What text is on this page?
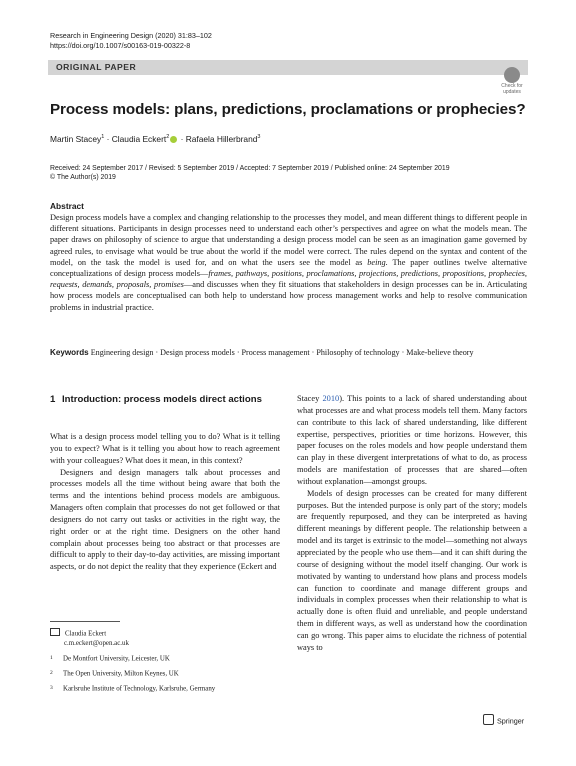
Research in Engineering Design (2020) 31:83–102
https://doi.org/10.1007/s00163-019-00322-8
ORIGINAL PAPER
Check for
updates
Process models: plans, predictions, proclamations or prophecies?
Martin Stacey$^1$ · Claudia Eckert$^2$ · Rafaela Hillerbrand$^3$
Received: 24 September 2017 / Revised: 5 September 2019 / Accepted: 7 September 2019 / Published online: 24 September 2019
© The Author(s) 2019
Abstract
Design process models have a complex and changing relationship to the processes they model, and mean different things to different people in different situations. Participants in design processes need to understand each other’s perspectives and agree on what the models mean. The paper draws on philosophy of science to argue that understanding a design process model can be seen as an imagination game governed by agreed rules, to envisage what would be true about the world if the model were correct. The rules depend on the syntax and content of the model, on the task the model is used for, and on what the users see the model as being. The paper outlines twelve alternative conceptualizations of design process models—frames, pathways, positions, proclamations, projections, predictions, propositions, prophecies, requests, demands, proposals, promises—and discusses when they fit situations that stakeholders in design processes can be in. Articulating how process models are conceptualised can both help to understand how process management works and help to resolve communication problems in industrial practice.
Keywords Engineering design · Design process models · Process management · Philosophy of technology · Make-believe theory
1 Introduction: process models direct actions

What is a design process model telling you to do? What is it telling you to expect? What is it telling you about how to reach agreement with your colleagues? What does it mean, in this context?

Designers and design managers talk about processes and processes models all the time without being aware that both the terms and the intentions behind process models are ambiguous. Managers often complain that processes do not get followed or that designers do not carry out tasks or activities in the right way, the right order or at the right time. Designers on the other hand complain about processes being too abstract or that processes are difficult to apply to their day-to-day activities, are missing important aspects, or do not depict the reality that they experience (Eckert and

Stacey 2010). This points to a lack of shared understanding about what processes are and what process models tell them. Many factors can contribute to this lack of shared understanding, like different expertise, perspectives, priorities or time horizons. However, this paper focuses on the roles models and how people understand them can play in these divergent interpretations of what to do, as process models are manifestation of processes that are shared—often without explanation—amongst groups.

Models of design processes can be created for many different purposes. But the intended purpose is only part of the story; models are frequently repurposed, and they can be interpreted as having different meanings by different people. The relationship between a model and its target is extrinsic to the model—something not always appreciated by the people who use them—and it can shift during the course of designing without the model itself changing. Our work is motivated by wanting to understand how plans and process models can function to coordinate and manage different groups and individuals in complex processes when their relationship to what is actually done is often fluid and unreliable, and people understand them in different ways, as well as understand how the coordination can go wrong. This paper aims to elucidate the richness of potential ways to

Claudia Eckert
c.m.eckert@open.ac.uk
1 De Montfort University, Leicester, UK
2 The Open University, Milton Keynes, UK
3 Karlsruhe Institute of Technology, Karlsruhe, Germany
Springer
